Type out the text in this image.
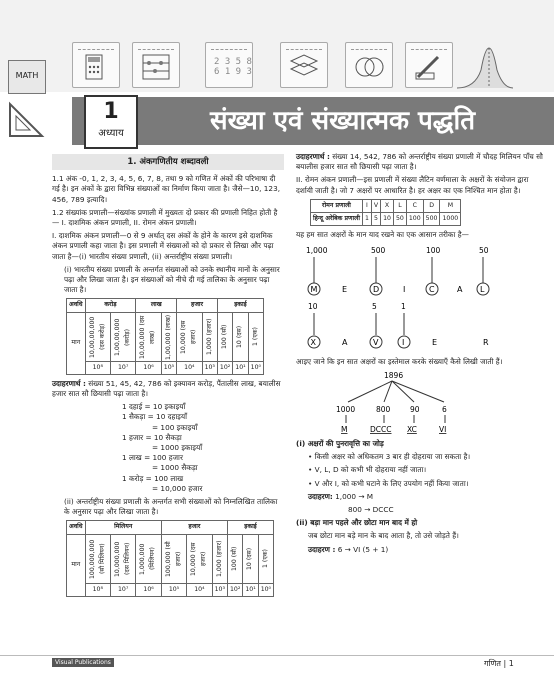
2 3 5 8
6 1 9 3
MATH
1
अध्याय	संख्या एवं संख्यात्मक पद्धति
1. अंकगणितीय शब्दावली

1.1 अंक -0, 1, 2, 3, 4, 5, 6, 7, 8, तथा 9 को गणित में अंकों की परिभाषा दी गई है। इन अंकों के द्वारा विभिन्न संख्याओं का निर्माण किया जाता है। जैसे—10, 123, 456, 789 इत्यादि।

1.2 संख्यांक प्रणाली—संख्यांक प्रणाली में मुख्यतः दो प्रकार की प्रणाली निहित होती है— I. दाशमिक अंकन प्रणाली, II. रोमन अंकन प्रणाली।

I. दाशमिक अंकन प्रणाली—0 से 9 अर्थात् दस अंकों के होने के कारण इसे दाशमिक अंकन प्रणाली कहा जाता है। इस प्रणाली में संख्याओं को दो प्रकार से लिखा और पढ़ा जाता है—(i) भारतीय संख्या प्रणाली, (ii) अन्तर्राष्ट्रीय संख्या प्रणाली।

(i) भारतीय संख्या प्रणाली के अन्तर्गत संख्याओं को उनके स्थानीय मानों के अनुसार पढ़ा और लिखा जाता है। इन संख्याओं को नीचे दी गई तालिका के अनुसार पढ़ा जाता है।

अवधि	करोड़		लाख		हजार		इकाई		
मान	10,00,00,000 (दस करोड़)	1,00,00,000 (करोड़)	10,00,000 (दस लाख)	1,00,000 (लाख)	10,000 (दस हजार)	1,000 (हजार)	100 (सौ)	10 (दस)	1 (एक)

	10⁸	10⁷	10⁶	10⁵	10⁴	10³	10²	10¹	10⁰

उदाहरणार्थ : संख्या 51, 45, 42, 786 को इक्यावन करोड़, पैंतालीस लाख, बयालीस हजार सात सौ छियासी पढ़ा जाता है।

1 दहाई = 10 इकाइयाँ
1 सैकड़ा = 10 दहाइयाँ
= 100 इकाइयाँ
1 हजार = 10 सैकड़ा
= 1000 इकाइयाँ
1 लाख = 100 हजार
= 1000 सैकड़ा
1 करोड़ = 100 लाख
= 10,000 हजार

(ii) अन्तर्राष्ट्रीय संख्या प्रणाली के अन्तर्गत सभी संख्याओं को निम्नलिखित तालिका के अनुसार पढ़ा और लिखा जाता है।

अवधि	मिलियन			हजार			इकाई		
मान	100,000,000 (सौ मिलियन)	10,000,000 (दस मिलियन)	1,000,000 (मिलियन)	100,000 (सौ हजार)	10,000 (दस हजार)	1,000 (हजार)	100 (सौ)	10 (दस)	1 (एक)

	10⁸	10⁷	10⁶	10⁵	10⁴	10³	10²	10¹	10⁰

उदाहरणार्थ : संख्या 14, 542, 786 को अन्तर्राष्ट्रीय संख्या प्रणाली में चौदह मिलियन पाँच सौ बयालीस हजार सात सौ छियासी पढ़ा जाता है।

II. रोमन अंकन प्रणाली—इस प्रणाली में संख्या लैटिन वर्णमाला के अक्षरों के संयोजन द्वारा दर्शायी जाती है। जो 7 अक्षरों पर आधारित है। हर अक्षर का एक निश्चित मान होता है।

रोमन प्रणाली	I	V	X	L	C	D	M
हिन्दू अरेबिक प्रणाली	1	5	10	50	100	500	1000

यह हम सात अक्षरों के मान याद रखने का एक आसान तरीका है—

1,000	500	100	50
M	E	D	I	C	A L
10	5	1
X	A	V	I	E	R

आइए जाने कि इन सात अक्षरों का इस्तेमाल करके संख्याएँ कैसे लिखी जाती हैं।

1896
1000	800	90	6
M	DCCC XC	VI

(i) अक्षरों की पुनरावृत्ति का जोड़

• किसी अक्षर को अधिकतम 3 बार ही दोहराया जा सकता है।

• V, L, D को कभी भी दोहराया नहीं जाता।

• V और I, को कभी घटाने के लिए उपयोग नहीं किया जाता।

उदाहरण: 1,000 → M

800 → DCCC

(ii) बड़ा मान पहले और छोटा मान बाद में हो

जब छोटा मान बड़े मान के बाद आता है, तो उसे जोड़ते हैं।

उदाहरण : 6 → VI (5 + 1)

Visual Publications	गणित | 1
